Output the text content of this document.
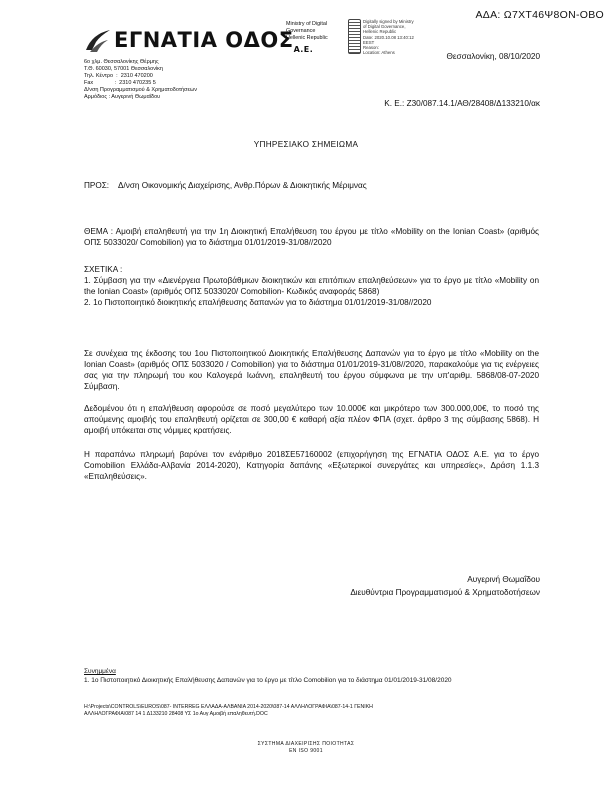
ΑΔΑ: Ω7ΧΤ46Ψ8ΟΝ-ΟΒΟ
ΕΓΝΑΤΙΑ $O\Delta O\Sigma_{A.E.}$
Ministry of Digital
Governance
Hellenic Republic
Digitally signed by Ministry
of Digital Governance,
Hellenic Republic
Date: 2020.10.08 13:40:12
EEST
Reason:
Location: Athens	Θεσσαλονίκη, 08/10/2020
6ο χλμ. Θεσσαλονίκης Θέρμης
Τ.Θ. 60030, 57001 Θεσσαλονίκη
Τηλ. Κέντρο  :  2310 470200
Fax              :  2310 470235 5
Δ/νση Προγραμματισμού & Χρηματοδοτήσεων
Αρμόδιος : Αυγερινή Θωμαΐδου
Κ. Ε.: Ζ30/087.14.1/ΑΘ/28408/Δ133210/ακ
ΥΠΗΡΕΣΙΑΚΟ ΣΗΜΕΙΩΜΑ
ΠΡΟΣ: Δ/νση Οικονομικής Διαχείρισης, Ανθρ.Πόρων & Διοικητικής Μέριμνας
ΘΕΜΑ : Αμοιβή επαληθευτή για την 1η Διοικητική Επαλήθευση του έργου με τίτλο «Mobility on the Ionian Coast» (αριθμός ΟΠΣ 5033020/ Comobilion) για το διάστημα 01/01/2019-31/08//2020
ΣΧΕΤΙΚΑ :
1. Σύμβαση για την «Διενέργεια Πρωτοβάθμιων διοικητικών και επιτόπιων επαληθεύσεων» για το έργο με τίτλο «Mobility on the Ionian Coast» (αριθμός ΟΠΣ 5033020/ Comobilion- Κωδικός αναφοράς 5868)
2. 1ο Πιστοποιητικό διοικητικής επαλήθευσης δαπανών για το διάστημα 01/01/2019-31/08//2020
Σε συνέχεια της έκδοσης του 1ου Πιστοποιητικού Διοικητικής Επαλήθευσης Δαπανών για το έργο με τίτλο «Mobility on the Ionian Coast» (αριθμός ΟΠΣ 5033020 / Comobilion) για το διάστημα 01/01/2019-31/08//2020, παρακαλούμε για τις ενέργειες σας για την πληρωμή του κου Καλογερά Ιωάννη, επαληθευτή του έργου σύμφωνα με την υπ'αριθμ. 5868/08-07-2020 Σύμβαση.
Δεδομένου ότι η επαλήθευση αφορούσε σε ποσό μεγαλύτερο των 10.000€ και μικρότερο των 300.000,00€, το ποσό της απούμενης αμοιβής του επαληθευτή ορίζεται σε 300,00 € καθαρή αξία πλέον ΦΠΑ (σχετ. άρθρο 3 της σύμβασης 5868). Η αμοιβή υπόκειται στις νόμιμες κρατήσεις.
Η παραπάνω πληρωμή βαρύνει τον ενάριθμο 2018ΣΕ57160002 (επιχορήγηση της ΕΓΝΑΤΙΑ ΟΔΟΣ Α.Ε. για το έργο Comobilion Ελλάδα-Αλβανία 2014-2020), Κατηγορία δαπάνης «Εξωτερικοί συνεργάτες και υπηρεσίες», Δράση 1.1.3 «Επαληθεύσεις».
Αυγερινή Θωμαΐδου
Διευθύντρια Προγραμματισμού & Χρηματοδοτήσεων
Συνημμένα
1. 1ο Πιστοποιητικό Διοικητικής Επαλήθευσης Δαπανών για το έργο με τίτλο Comobilion για το διάστημα 01/01/2019-31/08/2020
Η:\Projects\CONTROLS\EUROS\087- INTERREG ΕΛΛΑΔΑ-ΑΛΒΑΝΙΑ 2014-2020\087-14 ΑΛΛΗΛΟΓΡΑΦΙΑ\087-14-1 ΓΕΝΙΚΗ
ΑΛΛΗΛΟΓΡΑΦΙΑ\087 14 1 Δ133210 28408 ΥΣ 1ο Αυγ Αμοιβή επαληθευτή.DOC
ΣΥΣΤΗΜΑ ΔΙΑΧΕΙΡΙΣΗΣ ΠΟΙΟΤΗΤΑΣ
ΕΝ ISO 9001
